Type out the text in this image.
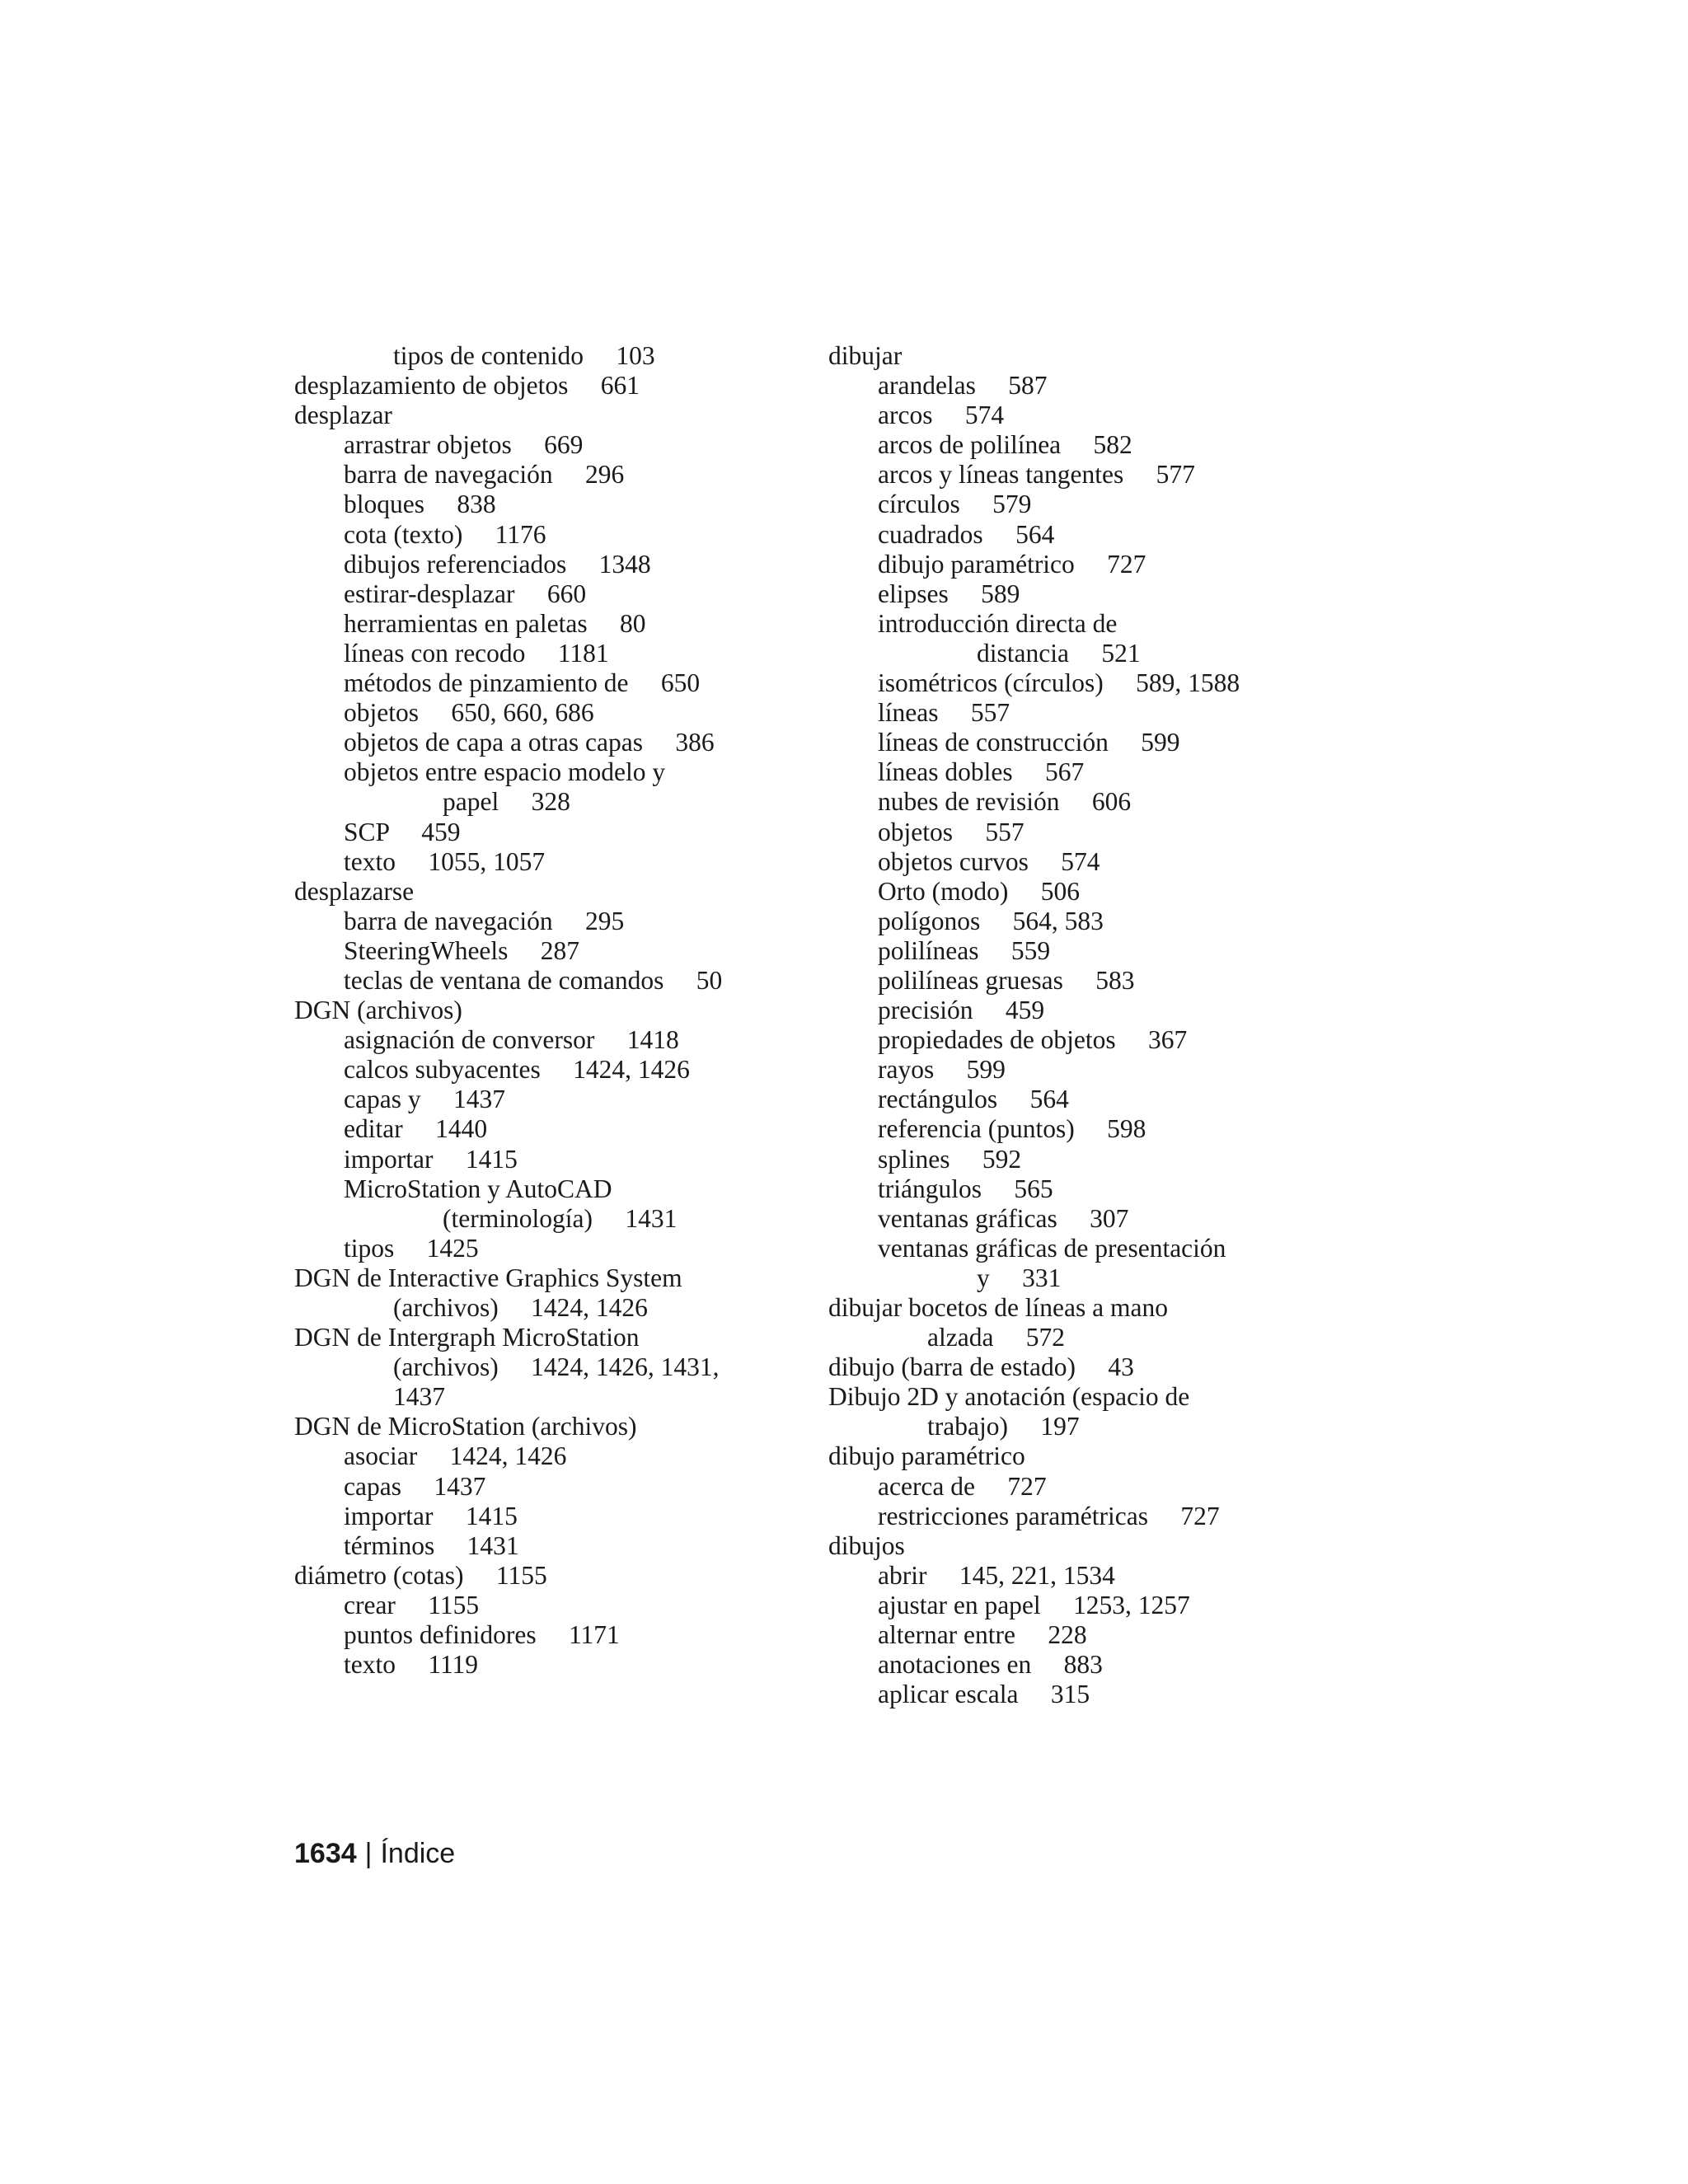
tipos de contenido     103
desplazamiento de objetos     661
desplazar
arrastrar objetos     669
barra de navegación     296
bloques     838
cota (texto)     1176
dibujos referenciados     1348
estirar-desplazar     660
herramientas en paletas     80
líneas con recodo     1181
métodos de pinzamiento de     650
objetos     650, 660, 686
objetos de capa a otras capas     386
objetos entre espacio modelo y
papel     328
SCP     459
texto     1055, 1057
desplazarse
barra de navegación     295
SteeringWheels     287
teclas de ventana de comandos     50
DGN (archivos)
asignación de conversor     1418
calcos subyacentes     1424, 1426
capas y     1437
editar     1440
importar     1415
MicroStation y AutoCAD
(terminología)     1431
tipos     1425
DGN de Interactive Graphics System
(archivos)     1424, 1426
DGN de Intergraph MicroStation
(archivos)     1424, 1426, 1431,
1437
DGN de MicroStation (archivos)
asociar     1424, 1426
capas     1437
importar     1415
términos     1431
diámetro (cotas)     1155
crear     1155
puntos definidores     1171
texto     1119
dibujar
arandelas     587
arcos     574
arcos de polilínea     582
arcos y líneas tangentes     577
círculos     579
cuadrados     564
dibujo paramétrico     727
elipses     589
introducción directa de
distancia     521
isométricos (círculos)     589, 1588
líneas     557
líneas de construcción     599
líneas dobles     567
nubes de revisión     606
objetos     557
objetos curvos     574
Orto (modo)     506
polígonos     564, 583
polilíneas     559
polilíneas gruesas     583
precisión     459
propiedades de objetos     367
rayos     599
rectángulos     564
referencia (puntos)     598
splines     592
triángulos     565
ventanas gráficas     307
ventanas gráficas de presentación
y     331
dibujar bocetos de líneas a mano
alzada     572
dibujo (barra de estado)     43
Dibujo 2D y anotación (espacio de
trabajo)     197
dibujo paramétrico
acerca de     727
restricciones paramétricas     727
dibujos
abrir     145, 221, 1534
ajustar en papel     1253, 1257
alternar entre     228
anotaciones en     883
aplicar escala     315
1634 | Índice
